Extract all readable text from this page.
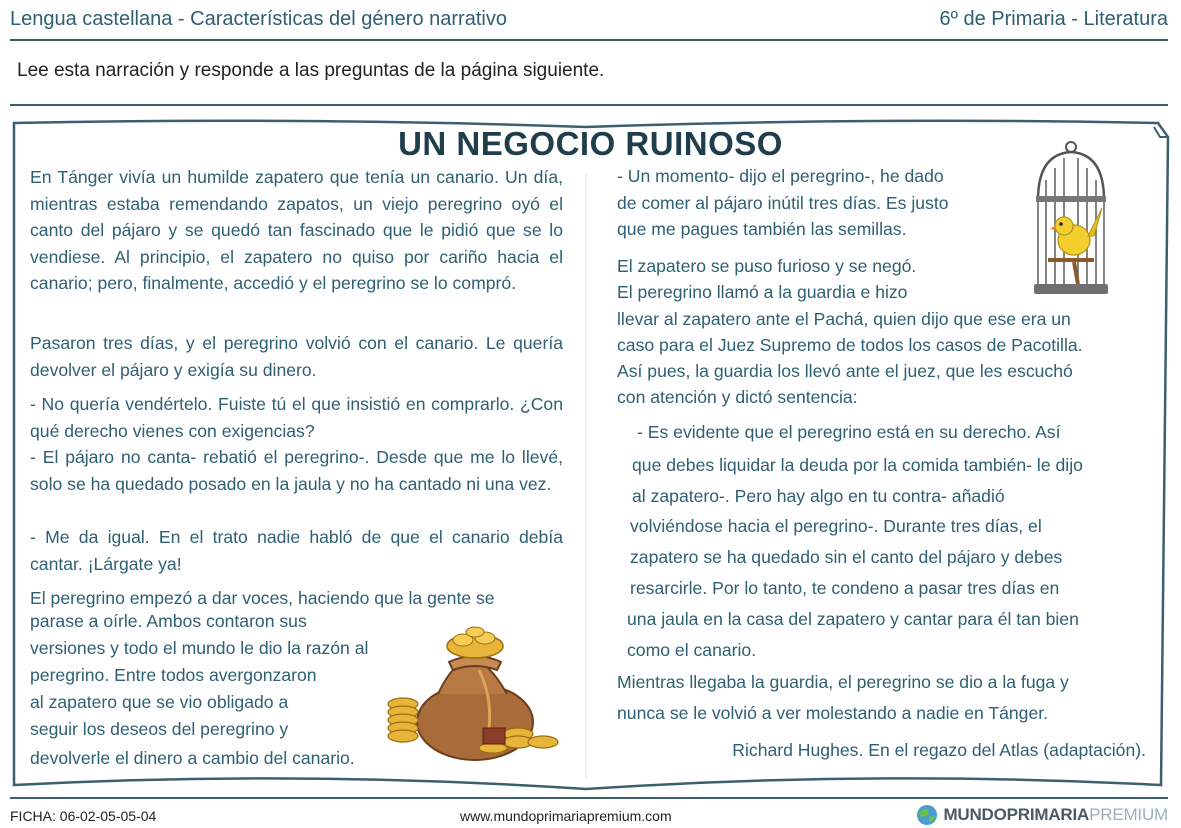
Lengua castellana - Características del género narrativo	6º de Primaria - Literatura
Lee esta narración y responde a las preguntas de la página siguiente.
UN NEGOCIO RUINOSO
En Tánger vivía un humilde zapatero que tenía un canario. Un día, mientras estaba remendando zapatos, un viejo peregrino oyó el canto del pájaro y se quedó tan fascinado que le pidió que se lo vendiese. Al principio, el zapatero no quiso por cariño hacia el canario; pero, finalmente, accedió y el peregrino se lo compró.
Pasaron tres días, y el peregrino volvió con el canario. Le quería devolver el pájaro y exigía su dinero.
- No quería vendértelo. Fuiste tú el que insistió en comprarlo. ¿Con qué derecho vienes con exigencias?
- El pájaro no canta- rebatió el peregrino-. Desde que me lo llevé, solo se ha quedado posado en la jaula y no ha cantado ni una vez.
- Me da igual. En el trato nadie habló de que el canario debía cantar. ¡Lárgate ya!
El peregrino empezó a dar voces, haciendo que la gente se
parase a oírle. Ambos contaron sus
versiones y todo el mundo le dio la razón al
peregrino. Entre todos avergonzaron
al zapatero que se vio obligado a
seguir los deseos del peregrino y
devolverle el dinero a cambio del canario.
- Un momento- dijo el peregrino-, he dado
de comer al pájaro inútil tres días. Es justo
que me pagues también las semillas.
El zapatero se puso furioso y se negó.
El peregrino llamó a la guardia e hizo
llevar al zapatero ante el Pachá, quien dijo que ese era un
caso para el Juez Supremo de todos los casos de Pacotilla.
Así pues, la guardia los llevó ante el juez, que les escuchó
con atención y dictó sentencia:
- Es evidente que el peregrino está en su derecho. Así
que debes liquidar la deuda por la comida también- le dijo
al zapatero-. Pero hay algo en tu contra- añadió
volviéndose hacia el peregrino-. Durante tres días, el
zapatero se ha quedado sin el canto del pájaro y debes
resarcirle. Por lo tanto, te condeno a pasar tres días en
una jaula en la casa del zapatero y cantar para él tan bien
como el canario.
Mientras llegaba la guardia, el peregrino se dio a la fuga y
nunca se le volvió a ver molestando a nadie en Tánger.
Richard Hughes. En el regazo del Atlas (adaptación).
FICHA: 06-02-05-05-04	www.mundoprimariapremium.com	MUNDOPRIMARIAPREMIUM
